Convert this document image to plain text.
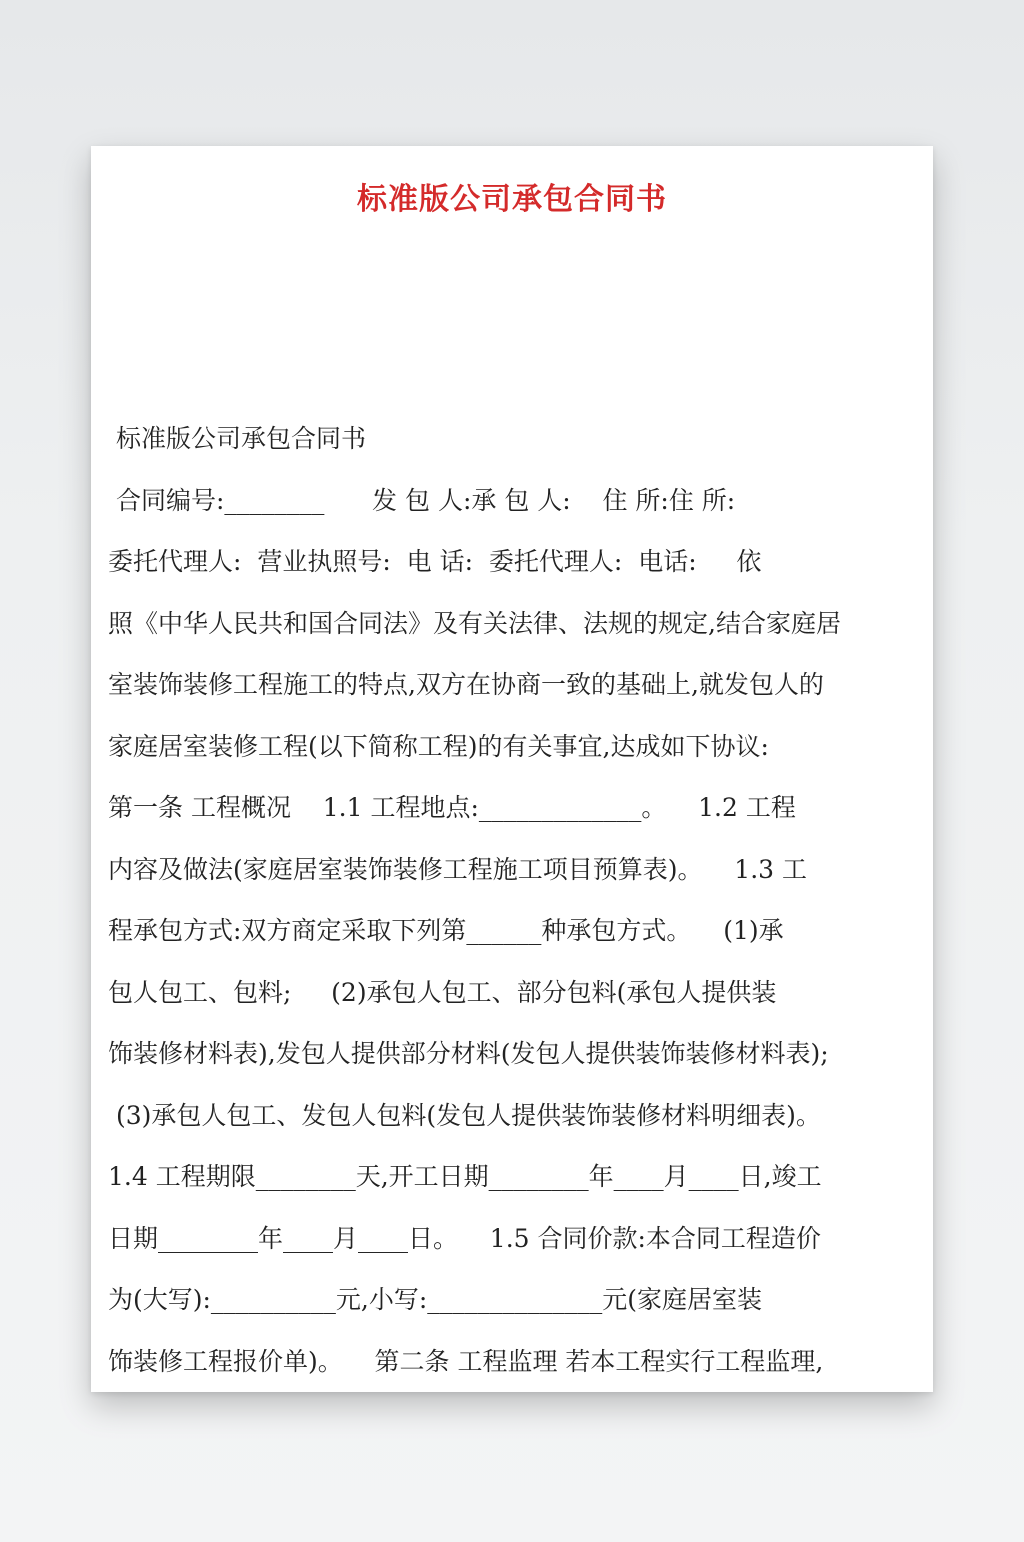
标准版公司承包合同书
标准版公司承包合同书
合同编号:________      发 包 人:承 包 人:    住 所:住 所:
委托代理人:  营业执照号:  电 话:  委托代理人:  电话:     依
照《中华人民共和国合同法》及有关法律、法规的规定,结合家庭居
室装饰装修工程施工的特点,双方在协商一致的基础上,就发包人的
家庭居室装修工程(以下简称工程)的有关事宜,达成如下协议:
第一条 工程概况    1.1 工程地点:_____________。    1.2 工程
内容及做法(家庭居室装饰装修工程施工项目预算表)。    1.3 工
程承包方式:双方商定采取下列第______种承包方式。    (1)承
包人包工、包料;     (2)承包人包工、部分包料(承包人提供装
饰装修材料表),发包人提供部分材料(发包人提供装饰装修材料表);
(3)承包人包工、发包人包料(发包人提供装饰装修材料明细表)。
1.4 工程期限________天,开工日期________年____月____日,竣工
日期________年____月____日。    1.5 合同价款:本合同工程造价
为(大写):__________元,小写:______________元(家庭居室装
饰装修工程报价单)。    第二条 工程监理 若本工程实行工程监理,
